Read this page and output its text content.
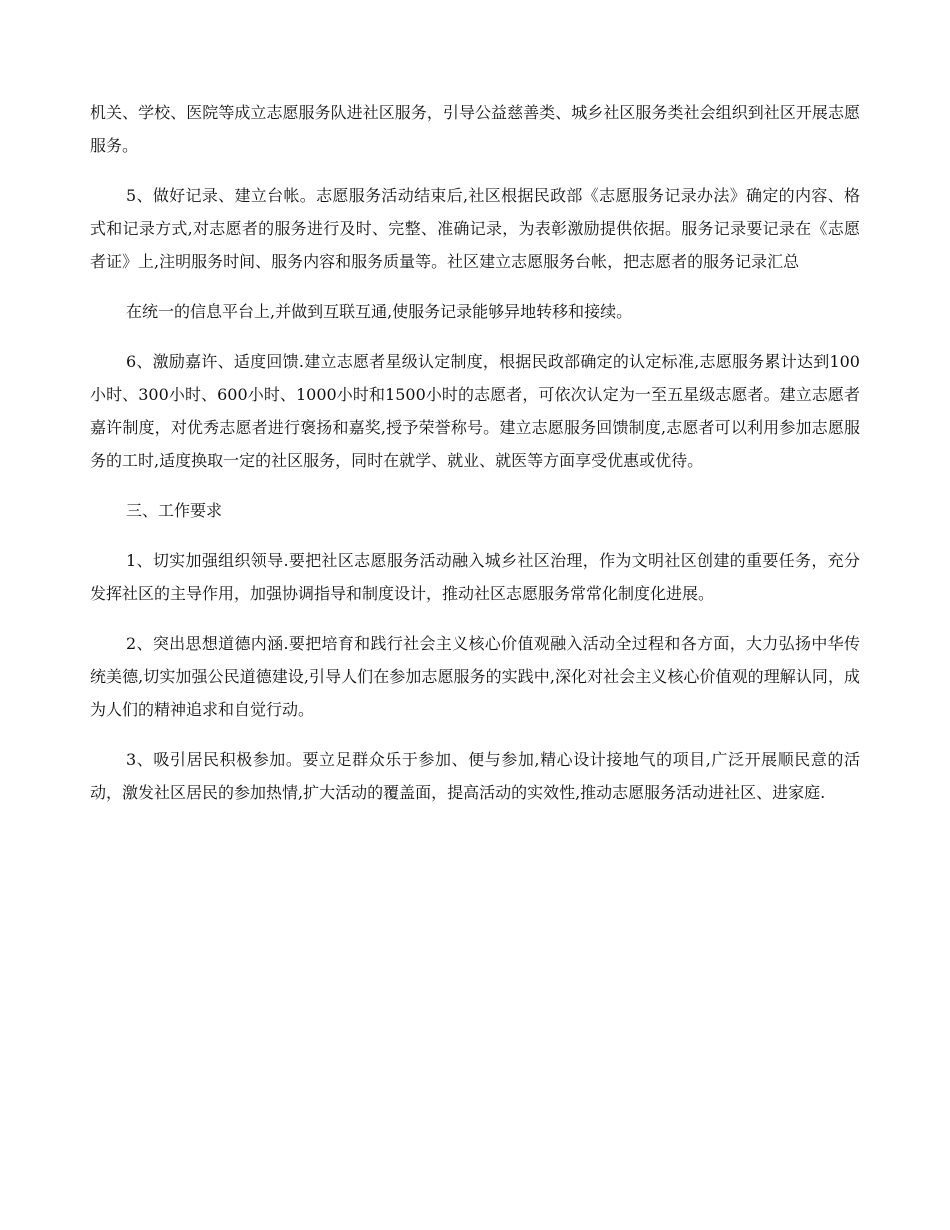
机关、学校、医院等成立志愿服务队进社区服务，引导公益慈善类、城乡社区服务类社会组织到社区开展志愿服务。

5、做好记录、建立台帐。志愿服务活动结束后,社区根据民政部《志愿服务记录办法》确定的内容、格式和记录方式,对志愿者的服务进行及时、完整、准确记录，为表彰激励提供依据。服务记录要记录在《志愿者证》上,注明服务时间、服务内容和服务质量等。社区建立志愿服务台帐，把志愿者的服务记录汇总

在统一的信息平台上,并做到互联互通,使服务记录能够异地转移和接续。

6、激励嘉许、适度回馈.建立志愿者星级认定制度，根据民政部确定的认定标准,志愿服务累计达到100小时、300小时、600小时、1000小时和1500小时的志愿者，可依次认定为一至五星级志愿者。建立志愿者嘉许制度，对优秀志愿者进行褒扬和嘉奖,授予荣誉称号。建立志愿服务回馈制度,志愿者可以利用参加志愿服务的工时,适度换取一定的社区服务，同时在就学、就业、就医等方面享受优惠或优待。

三、工作要求

1、切实加强组织领导.要把社区志愿服务活动融入城乡社区治理，作为文明社区创建的重要任务，充分发挥社区的主导作用，加强协调指导和制度设计，推动社区志愿服务常常化制度化进展。

2、突出思想道德内涵.要把培育和践行社会主义核心价值观融入活动全过程和各方面，大力弘扬中华传统美德,切实加强公民道德建设,引导人们在参加志愿服务的实践中,深化对社会主义核心价值观的理解认同，成为人们的精神追求和自觉行动。

3、吸引居民积极参加。要立足群众乐于参加、便与参加,精心设计接地气的项目,广泛开展顺民意的活动，激发社区居民的参加热情,扩大活动的覆盖面，提高活动的实效性,推动志愿服务活动进社区、进家庭.
